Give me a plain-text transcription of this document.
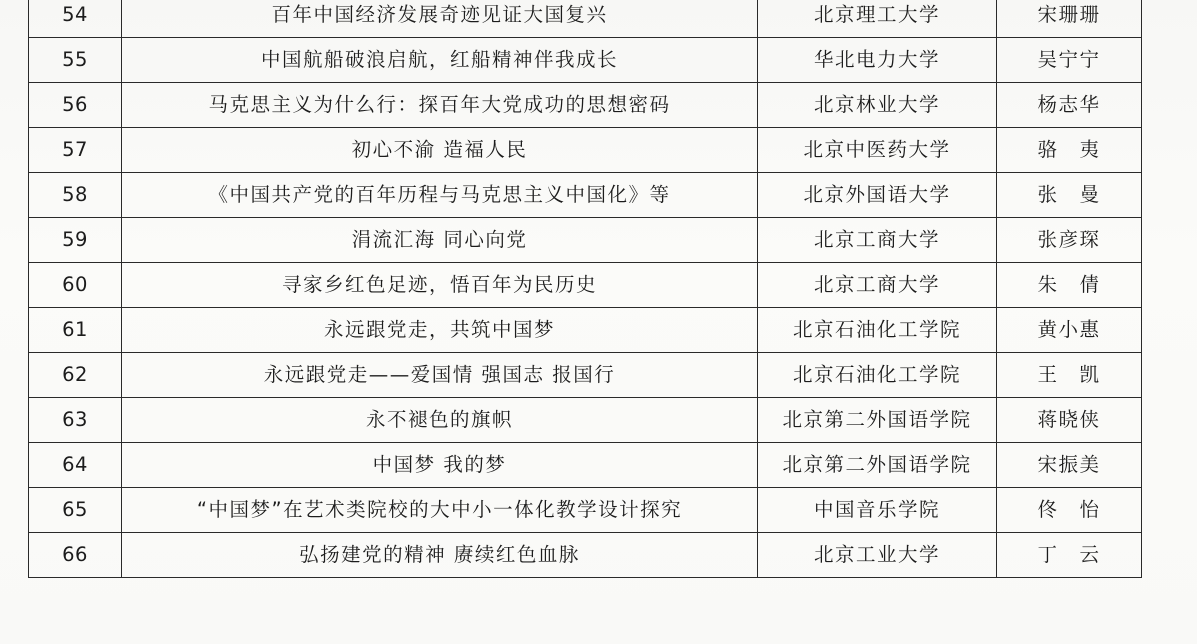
54	百年中国经济发展奇迹见证大国复兴	北京理工大学	宋珊珊
55	中国航船破浪启航，红船精神伴我成长	华北电力大学	吴宁宁
56	马克思主义为什么行：探百年大党成功的思想密码	北京林业大学	杨志华
57	初心不渝 造福人民	北京中医药大学	骆　夷
58	《中国共产党的百年历程与马克思主义中国化》等	北京外国语大学	张　曼
59	涓流汇海 同心向党	北京工商大学	张彦琛
60	寻家乡红色足迹，悟百年为民历史	北京工商大学	朱　倩
61	永远跟党走，共筑中国梦	北京石油化工学院	黄小惠
62	永远跟党走——爱国情 强国志 报国行	北京石油化工学院	王　凯
63	永不褪色的旗帜	北京第二外国语学院	蒋晓侠
64	中国梦 我的梦	北京第二外国语学院	宋振美
65	“中国梦”在艺术类院校的大中小一体化教学设计探究	中国音乐学院	佟　怡
66	弘扬建党的精神 赓续红色血脉	北京工业大学	丁　云
